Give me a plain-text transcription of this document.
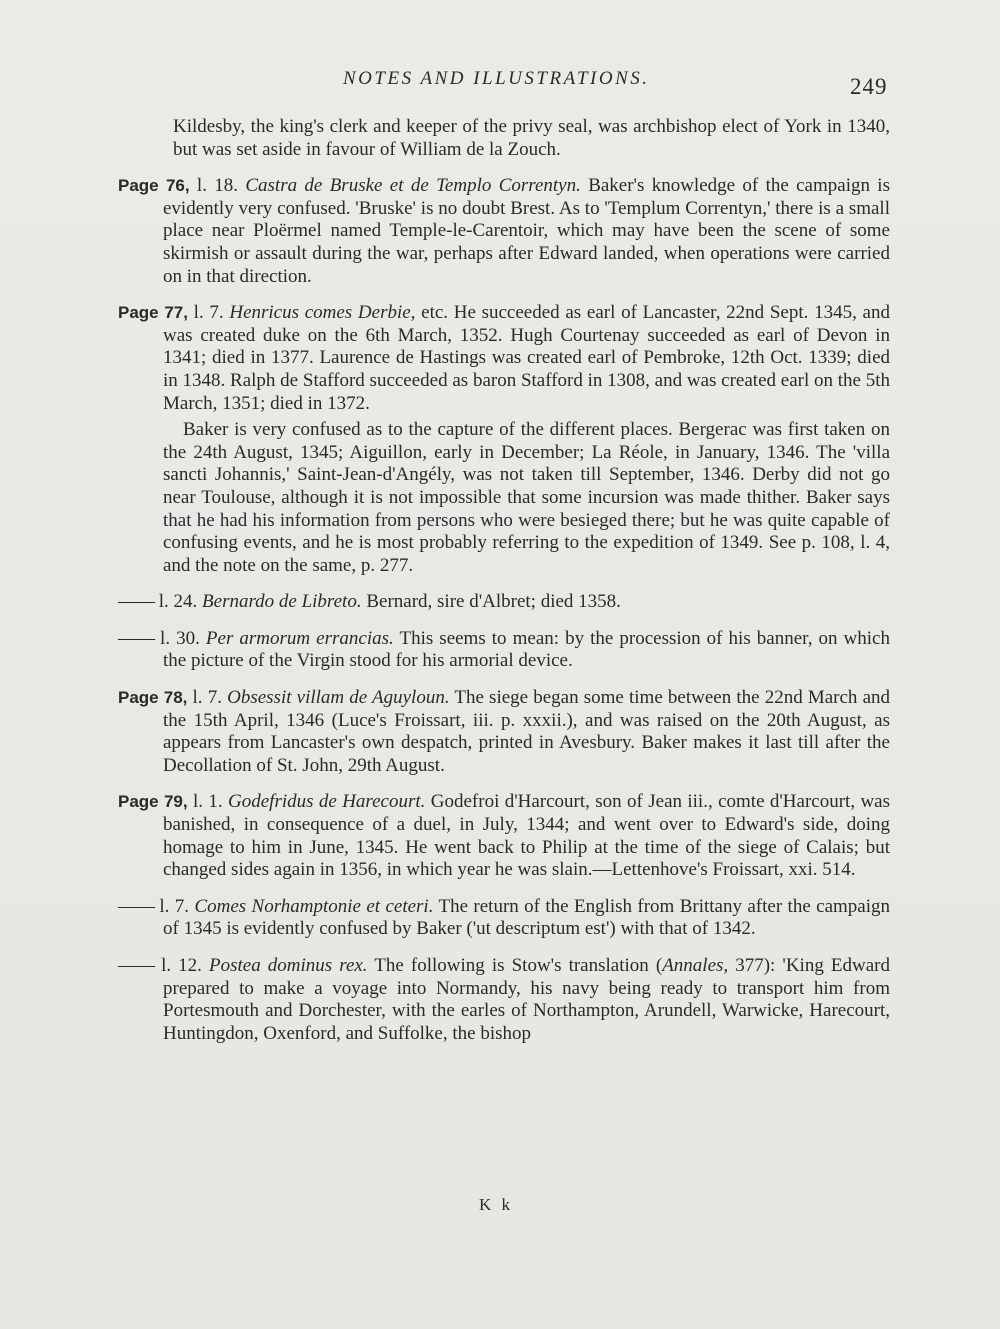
NOTES AND ILLUSTRATIONS.	249

Kildesby, the king's clerk and keeper of the privy seal, was archbishop elect of York in 1340, but was set aside in favour of William de la Zouch.

Page 76, l. 18. Castra de Bruske et de Templo Correntyn. Baker's knowledge of the campaign is evidently very confused. 'Bruske' is no doubt Brest. As to 'Templum Correntyn,' there is a small place near Ploërmel named Temple-le-Carentoir, which may have been the scene of some skirmish or assault during the war, perhaps after Edward landed, when operations were carried on in that direction.

Page 77, l. 7. Henricus comes Derbie, etc. He succeeded as earl of Lancaster, 22nd Sept. 1345, and was created duke on the 6th March, 1352. Hugh Courtenay succeeded as earl of Devon in 1341; died in 1377. Laurence de Hastings was created earl of Pembroke, 12th Oct. 1339; died in 1348. Ralph de Stafford succeeded as baron Stafford in 1308, and was created earl on the 5th March, 1351; died in 1372.

Baker is very confused as to the capture of the different places. Bergerac was first taken on the 24th August, 1345; Aiguillon, early in December; La Réole, in January, 1346. The 'villa sancti Johannis,' Saint-Jean-d'Angély, was not taken till September, 1346. Derby did not go near Toulouse, although it is not impossible that some incursion was made thither. Baker says that he had his information from persons who were besieged there; but he was quite capable of confusing events, and he is most probably referring to the expedition of 1349. See p. 108, l. 4, and the note on the same, p. 277.

—— l. 24. Bernardo de Libreto. Bernard, sire d'Albret; died 1358.

—— l. 30. Per armorum errancias. This seems to mean: by the procession of his banner, on which the picture of the Virgin stood for his armorial device.

Page 78, l. 7. Obsessit villam de Aguyloun. The siege began some time between the 22nd March and the 15th April, 1346 (Luce's Froissart, iii. p. xxxii.), and was raised on the 20th August, as appears from Lancaster's own despatch, printed in Avesbury. Baker makes it last till after the Decollation of St. John, 29th August.

Page 79, l. 1. Godefridus de Harecourt. Godefroi d'Harcourt, son of Jean iii., comte d'Harcourt, was banished, in consequence of a duel, in July, 1344; and went over to Edward's side, doing homage to him in June, 1345. He went back to Philip at the time of the siege of Calais; but changed sides again in 1356, in which year he was slain.—Lettenhove's Froissart, xxi. 514.

—— l. 7. Comes Norhamptonie et ceteri. The return of the English from Brittany after the campaign of 1345 is evidently confused by Baker ('ut descriptum est') with that of 1342.

—— l. 12. Postea dominus rex. The following is Stow's translation (Annales, 377): 'King Edward prepared to make a voyage into Normandy, his navy being ready to transport him from Portesmouth and Dorchester, with the earles of Northampton, Arundell, Warwicke, Harecourt, Huntingdon, Oxenford, and Suffolke, the bishop

K k
